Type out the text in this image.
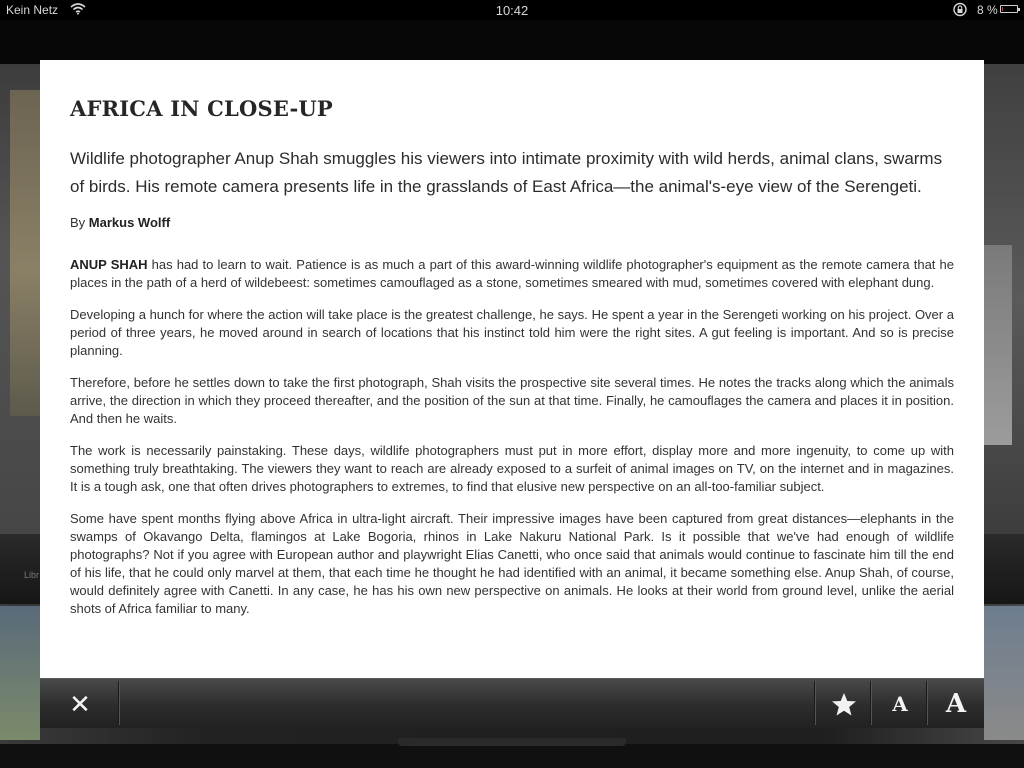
Kein Netz	10:42	8 %
Libr
AFRICA IN CLOSE-UP

Wildlife photographer Anup Shah smuggles his viewers into intimate proximity with wild herds, animal clans, swarms of birds. His remote camera presents life in the grasslands of East Africa—the animal's-eye view of the Serengeti.

By Markus Wolff

ANUP SHAH has had to learn to wait. Patience is as much a part of this award-winning wildlife photographer's equipment as the remote camera that he places in the path of a herd of wildebeest: sometimes camouflaged as a stone, sometimes smeared with mud, sometimes covered with elephant dung.

Developing a hunch for where the action will take place is the greatest challenge, he says. He spent a year in the Serengeti working on his project. Over a period of three years, he moved around in search of locations that his instinct told him were the right sites. A gut feeling is important. And so is precise planning.

Therefore, before he settles down to take the first photograph, Shah visits the prospective site several times. He notes the tracks along which the animals arrive, the direction in which they proceed thereafter, and the position of the sun at that time. Finally, he camouflages the camera and places it in position. And then he waits.

The work is necessarily painstaking. These days, wildlife photographers must put in more effort, display more and more ingenuity, to come up with something truly breathtaking. The viewers they want to reach are already exposed to a surfeit of animal images on TV, on the internet and in magazines. It is a tough ask, one that often drives photographers to extremes, to find that elusive new perspective on an all-too-familiar subject.

Some have spent months flying above Africa in ultra-light aircraft. Their impressive images have been captured from great distances—elephants in the swamps of Okavango Delta, flamingos at Lake Bogoria, rhinos in Lake Nakuru National Park. Is it possible that we've had enough of wildlife photographs? Not if you agree with European author and playwright Elias Canetti, who once said that animals would continue to fascinate him till the end of his life, that he could only marvel at them, that each time he thought he had identified with an animal, it became something else. Anup Shah, of course, would definitely agree with Canetti. In any case, he has his own new perspective on animals. He looks at their world from ground level, unlike the aerial shots of Africa familiar to many.

✕	A A
